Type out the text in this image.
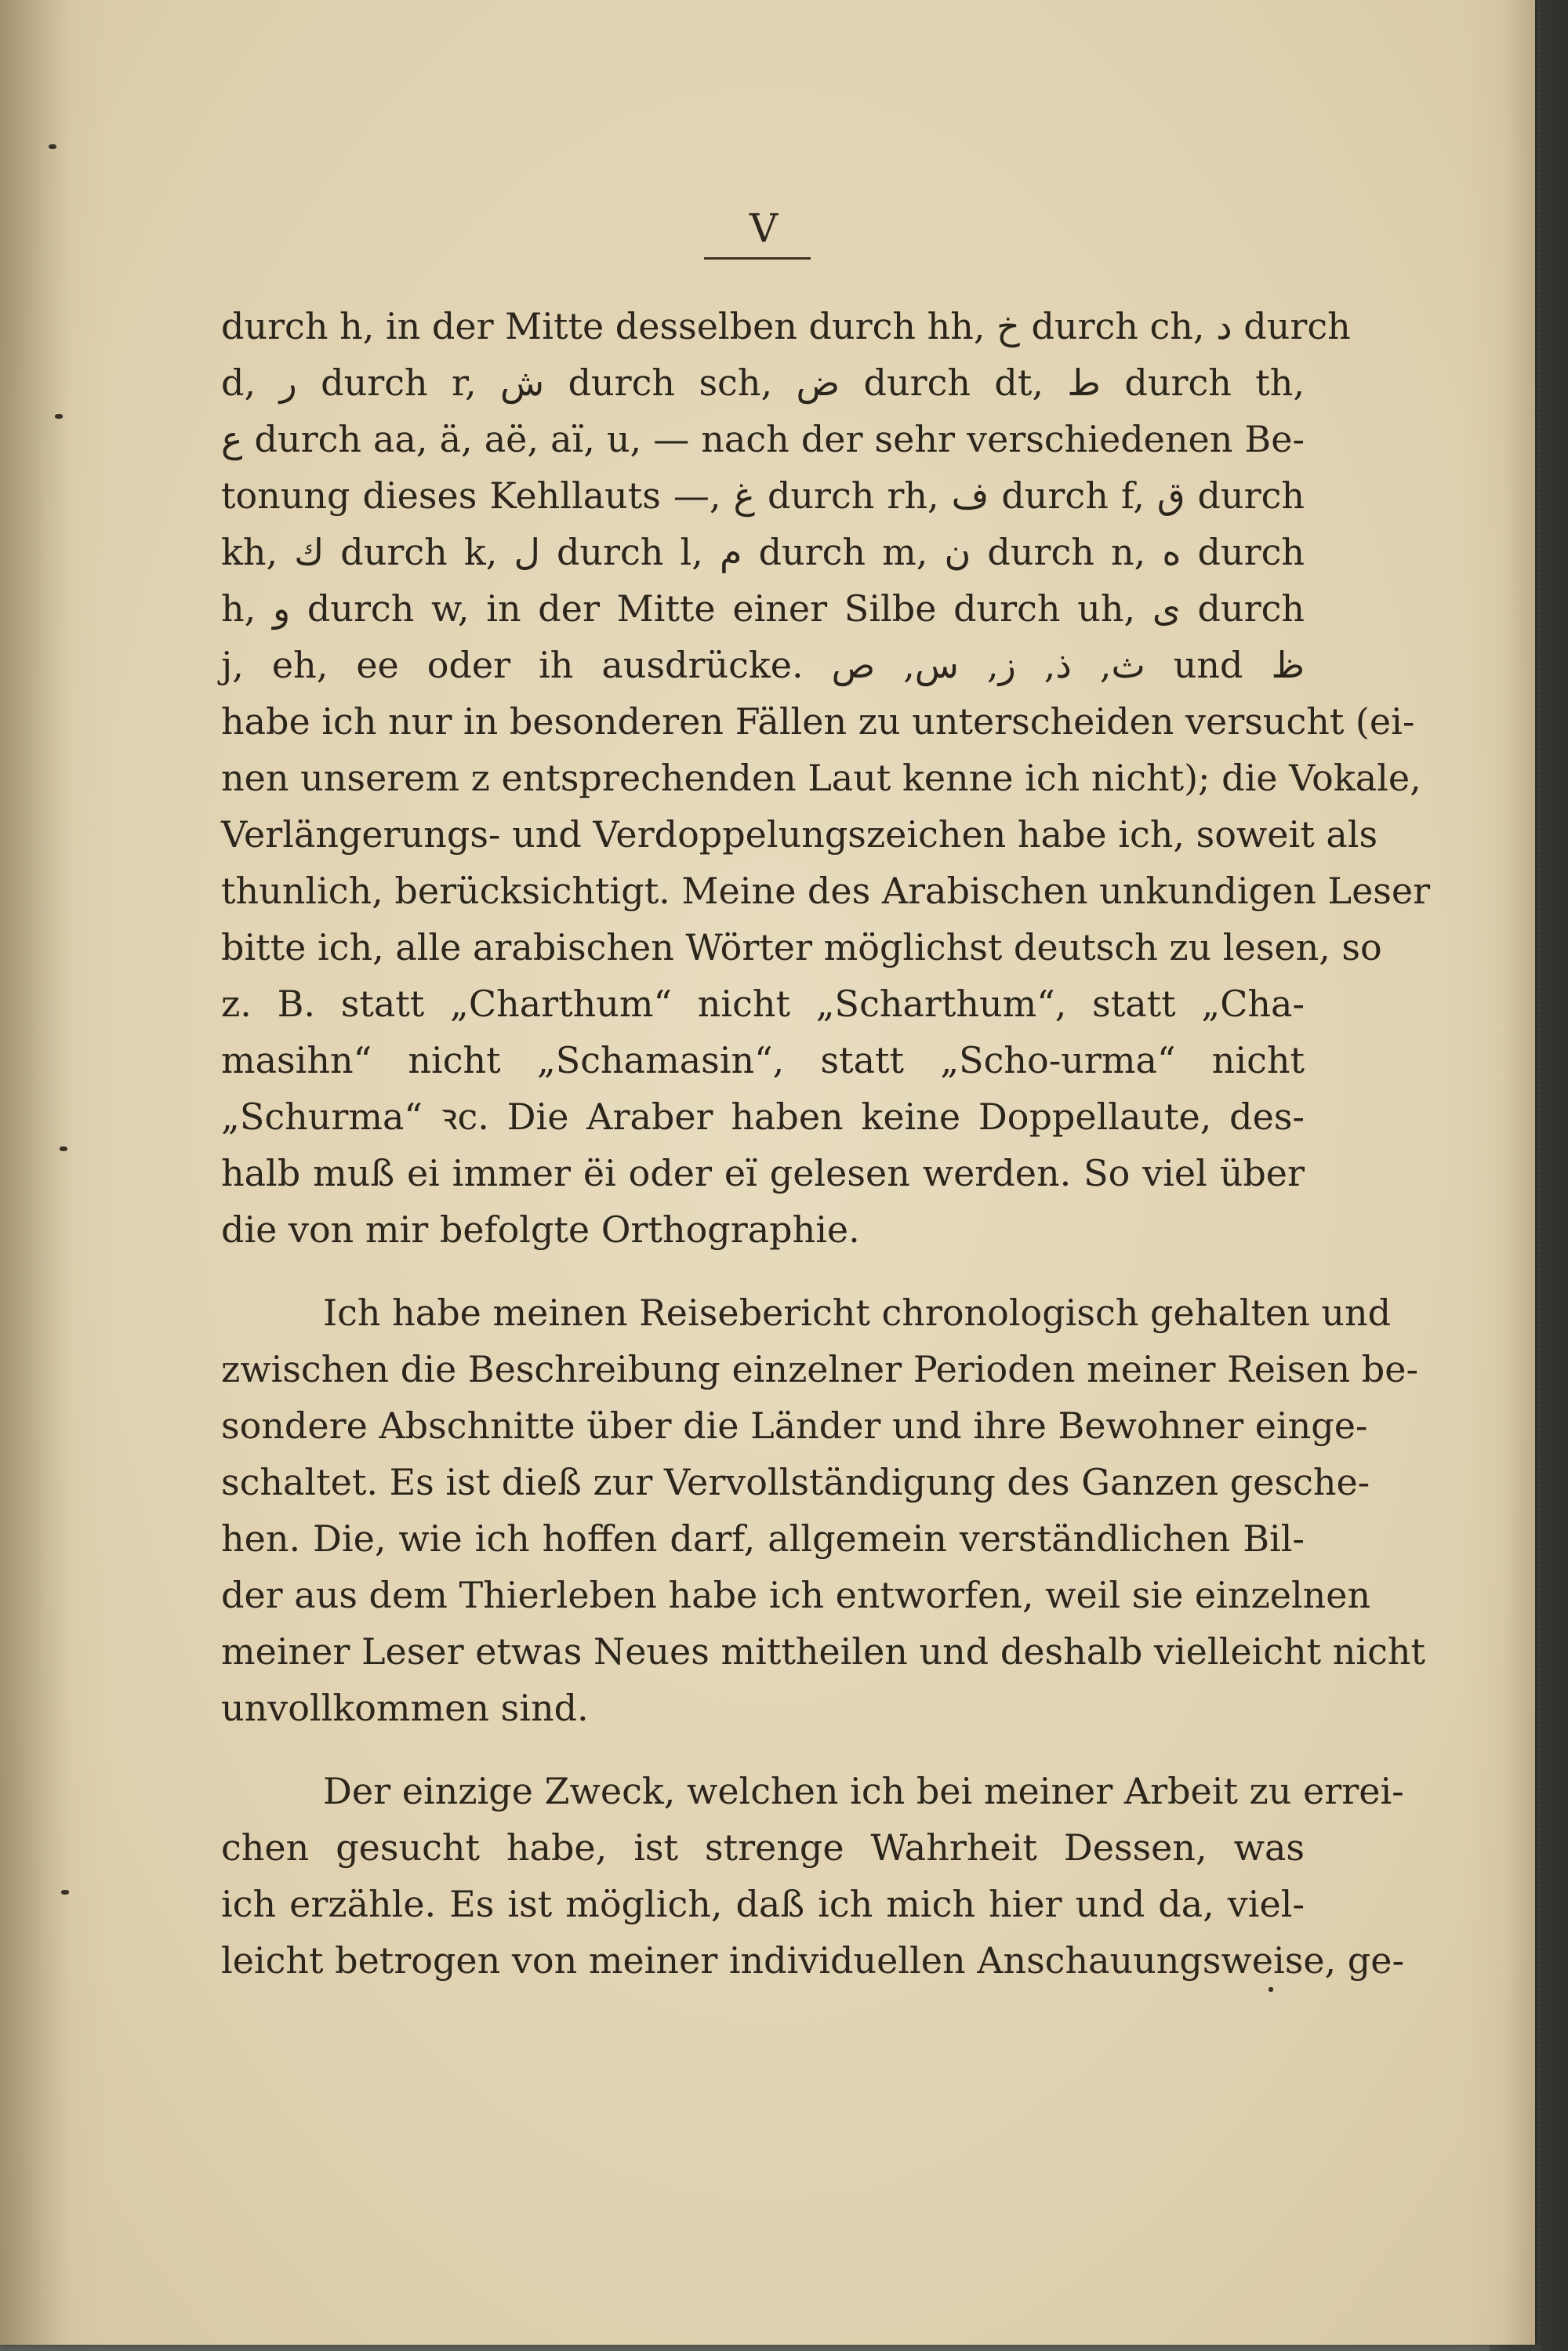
V
durch h, in der Mitte desselben durch hh, خ durch ch, د durch
d, ر durch r, ش durch sch, ض durch dt, ط durch th,
ع durch aa, ä, aë, aï, u, — nach der sehr verschiedenen Be-
tonung dieses Kehllauts —, غ durch rh, ف durch f, ق durch
kh, ك durch k, ل durch l, م durch m, ن durch n, ه durch
h, و durch w, in der Mitte einer Silbe durch uh, ى durch
j, eh, ee oder ih ausdrücke. ث, ذ, ز, س, ص und ظ
habe ich nur in besonderen Fällen zu unterscheiden versucht (ei-
nen unserem z entsprechenden Laut kenne ich nicht); die Vokale,
Verlängerungs- und Verdoppelungszeichen habe ich, soweit als
thunlich, berücksichtigt. Meine des Arabischen unkundigen Leser
bitte ich, alle arabischen Wörter möglichst deutsch zu lesen, so
z. B. statt „Charthum“ nicht „Scharthum“, statt „Cha-
masihn“ nicht „Schamasin“, statt „Scho-urma“ nicht
„Schurma“ ꝛc. Die Araber haben keine Doppellaute, des-
halb muß ei immer ëi oder eï gelesen werden. So viel über
die von mir befolgte Orthographie.
Ich habe meinen Reisebericht chronologisch gehalten und
zwischen die Beschreibung einzelner Perioden meiner Reisen be-
sondere Abschnitte über die Länder und ihre Bewohner einge-
schaltet. Es ist dieß zur Vervollständigung des Ganzen gesche-
hen. Die, wie ich hoffen darf, allgemein verständlichen Bil-
der aus dem Thierleben habe ich entworfen, weil sie einzelnen
meiner Leser etwas Neues mittheilen und deshalb vielleicht nicht
unvollkommen sind.
Der einzige Zweck, welchen ich bei meiner Arbeit zu errei-
chen gesucht habe, ist strenge Wahrheit Dessen, was
ich erzähle. Es ist möglich, daß ich mich hier und da, viel-
leicht betrogen von meiner individuellen Anschauungsweise, ge-
